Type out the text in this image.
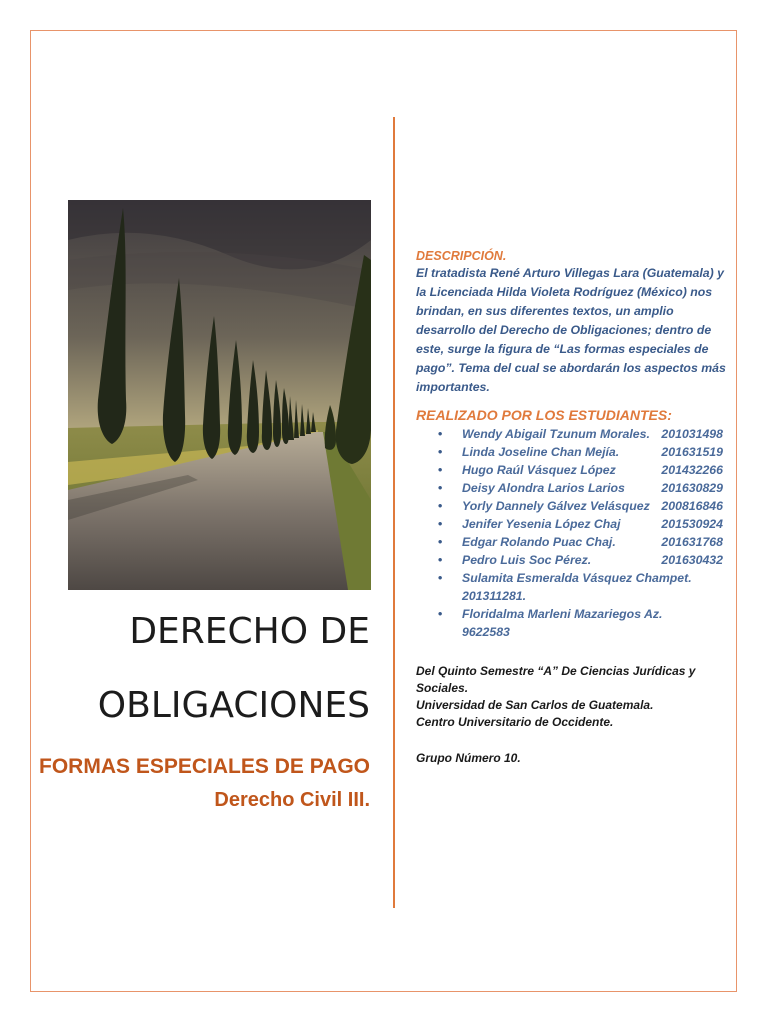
DERECHO DE
OBLIGACIONES
FORMAS ESPECIALES DE PAGO
Derecho Civil III.
DESCRIPCIÓN.

El tratadista René Arturo Villegas Lara (Guatemala) y la Licenciada Hilda Violeta Rodríguez (México) nos brindan, en sus diferentes textos, un amplio desarrollo del Derecho de Obligaciones; dentro de este, surge la figura de “Las formas especiales de pago”. Tema del cual se abordarán los aspectos más importantes.

REALIZADO POR LOS ESTUDIANTES:
• Wendy Abigail Tzunum Morales. 201031498
• Linda Joseline Chan Mejía.	201631519
• Hugo Raúl Vásquez López	201432266
• Deisy Alondra Larios Larios	201630829
• Yorly Dannely Gálvez Velásquez 200816846
• Jenifer Yesenia López Chaj	201530924
• Edgar Rolando Puac Chaj.	201631768
• Pedro Luis Soc Pérez.	201630432
• Sulamita Esmeralda Vásquez Champet.
201311281.
• Floridalma Marleni Mazariegos Az.
9622583

Del Quinto Semestre “A” De Ciencias Jurídicas y Sociales.

Universidad de San Carlos de Guatemala.

Centro Universitario de Occidente.

Grupo Número 10.
